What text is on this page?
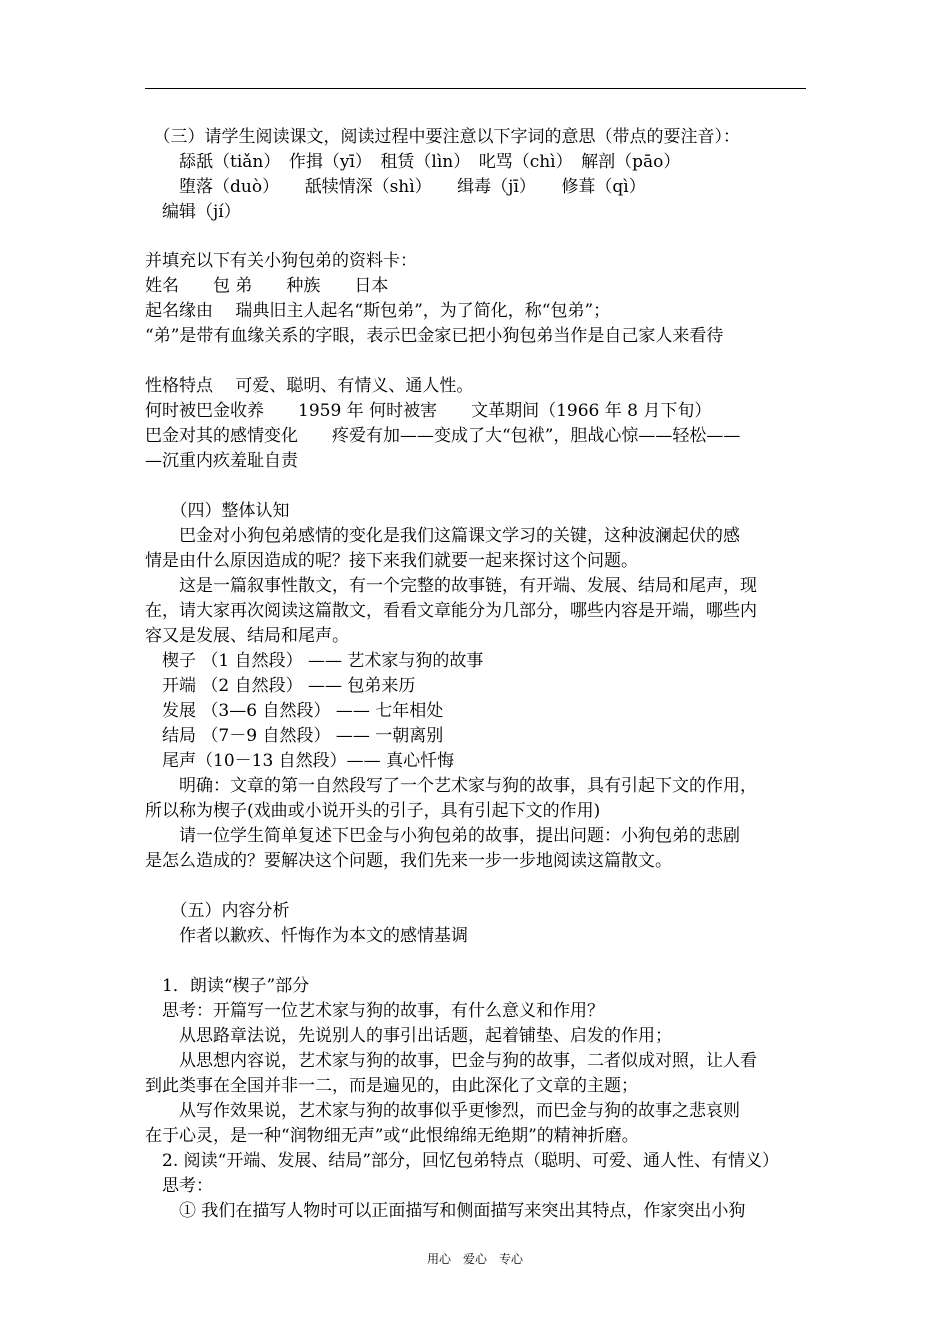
　（三）请学生阅读课文，阅读过程中要注意以下字词的意思（带点的要注音）：
　　舔舐（tiǎn）　作揖（yī）　租赁（lìn）　叱骂（chì）　解剖（pāo）
　　堕落（duò）　　舐犊情深（shì）　　缉毒（jī）　　修葺（qì）
　编辑（jí）
并填充以下有关小狗包弟的资料卡：
姓名　　包 弟　　种族　　日本
起名缘由　 瑞典旧主人起名“斯包弟”，为了简化，称“包弟”；
“弟”是带有血缘关系的字眼，表示巴金家已把小狗包弟当作是自己家人来看待
性格特点　 可爱、聪明、有情义、通人性。
何时被巴金收养　　1959 年 何时被害　　文革期间（1966 年 8 月下旬）
巴金对其的感情变化　　疼爱有加——变成了大“包袱”，胆战心惊——轻松——
—沉重内疚羞耻自责
　　（四）整体认知
　　巴金对小狗包弟感情的变化是我们这篇课文学习的关键，这种波澜起伏的感
情是由什么原因造成的呢？接下来我们就要一起来探讨这个问题。
　　这是一篇叙事性散文，有一个完整的故事链，有开端、发展、结局和尾声，现
在，请大家再次阅读这篇散文，看看文章能分为几部分，哪些内容是开端，哪些内
容又是发展、结局和尾声。
　楔子 （1 自然段） —— 艺术家与狗的故事
　开端 （2 自然段） —— 包弟来历
　发展 （3—6 自然段） —— 七年相处
　结局 （7－9 自然段） —— 一朝离别
　尾声（10－13 自然段）—— 真心忏悔
　　明确：文章的第一自然段写了一个艺术家与狗的故事，具有引起下文的作用，
所以称为楔子(戏曲或小说开头的引子，具有引起下文的作用)
　　请一位学生简单复述下巴金与小狗包弟的故事，提出问题：小狗包弟的悲剧
是怎么造成的？要解决这个问题，我们先来一步一步地阅读这篇散文。
　　（五）内容分析
　　作者以歉疚、忏悔作为本文的感情基调
　1．朗读“楔子”部分
　思考：开篇写一位艺术家与狗的故事，有什么意义和作用？
　　从思路章法说，先说别人的事引出话题，起着铺垫、启发的作用；
　　从思想内容说，艺术家与狗的故事，巴金与狗的故事，二者似成对照，让人看
到此类事在全国并非一二，而是遍见的，由此深化了文章的主题；
　　从写作效果说，艺术家与狗的故事似乎更惨烈，而巴金与狗的故事之悲哀则
在于心灵，是一种“润物细无声”或“此恨绵绵无绝期”的精神折磨。
　2. 阅读“开端、发展、结局”部分，回忆包弟特点（聪明、可爱、通人性、有情义）
　思考：
　　① 我们在描写人物时可以正面描写和侧面描写来突出其特点，作家突出小狗
用心　爱心　专心
